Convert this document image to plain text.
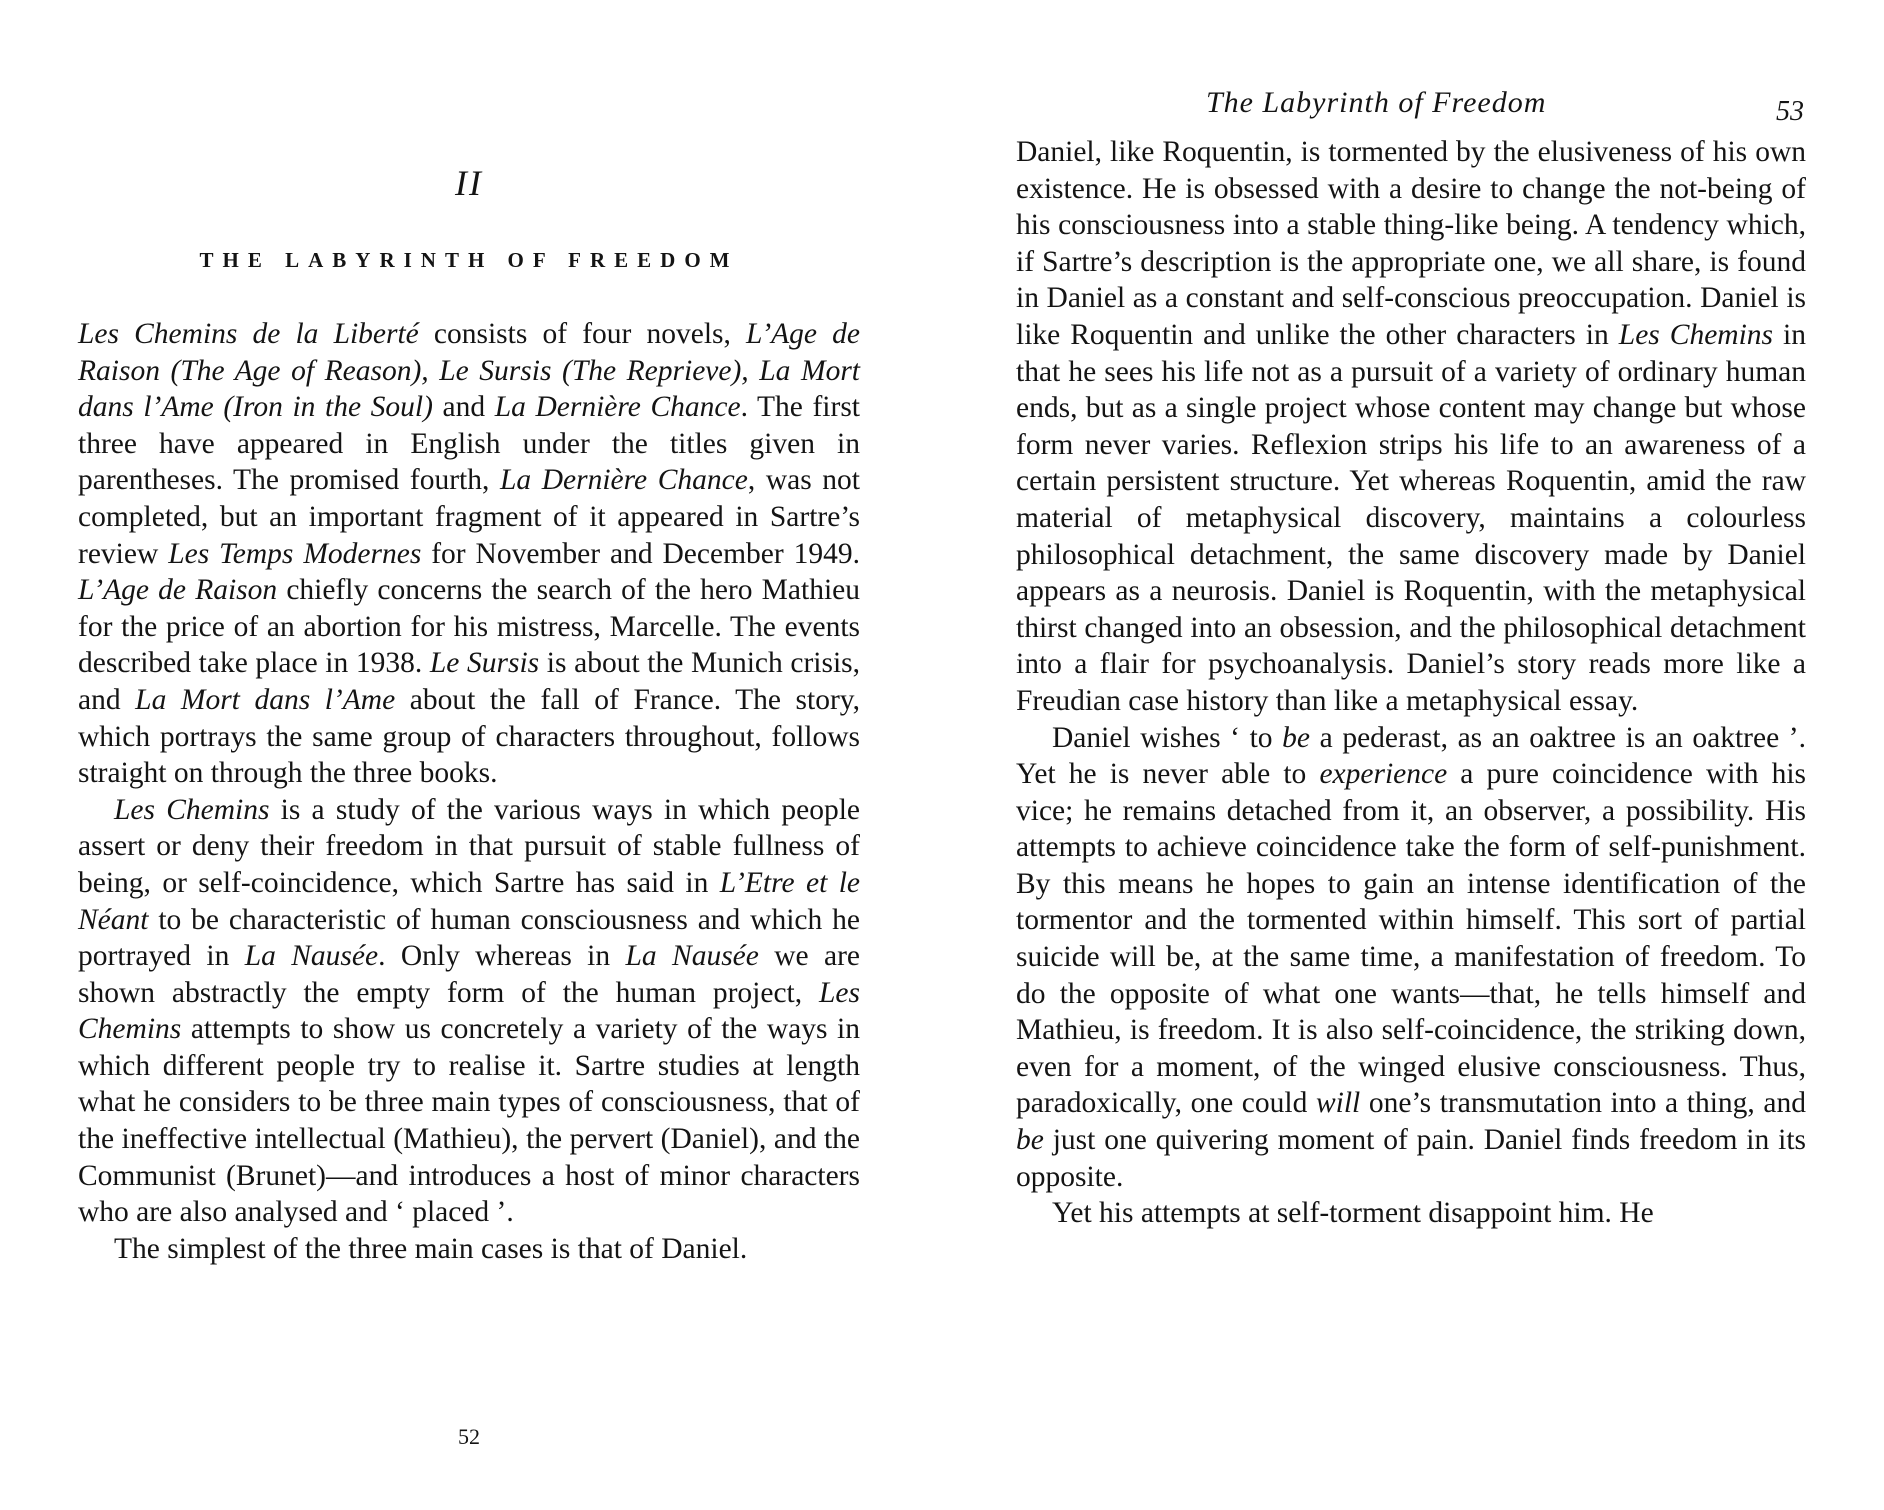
II
THE LABYRINTH OF FREEDOM

Les Chemins de la Liberté consists of four novels, L’Age de Raison (The Age of Reason), Le Sursis (The Reprieve), La Mort dans l’Ame (Iron in the Soul) and La Dernière Chance. The first three have appeared in English under the titles given in parentheses. The promised fourth, La Dernière Chance, was not completed, but an important fragment of it appeared in Sartre’s review Les Temps Modernes for November and December 1949. L’Age de Raison chiefly concerns the search of the hero Mathieu for the price of an abortion for his mistress, Marcelle. The events described take place in 1938. Le Sursis is about the Munich crisis, and La Mort dans l’Ame about the fall of France. The story, which portrays the same group of characters throughout, follows straight on through the three books.

Les Chemins is a study of the various ways in which people assert or deny their freedom in that pursuit of stable fullness of being, or self-coincidence, which Sartre has said in L’Etre et le Néant to be characteristic of human consciousness and which he portrayed in La Nausée. Only whereas in La Nausée we are shown abstractly the empty form of the human project, Les Chemins attempts to show us concretely a variety of the ways in which different people try to realise it. Sartre studies at length what he considers to be three main types of consciousness, that of the ineffective intellectual (Mathieu), the pervert (Daniel), and the Communist (Brunet)—and introduces a host of minor characters who are also analysed and ‘ placed ’.

The simplest of the three main cases is that of Daniel.

52
The Labyrinth of Freedom	53

Daniel, like Roquentin, is tormented by the elusiveness of his own existence. He is obsessed with a desire to change the not-being of his consciousness into a stable thing-like being. A tendency which, if Sartre’s description is the appropriate one, we all share, is found in Daniel as a constant and self-conscious preoccupation. Daniel is like Roquentin and unlike the other characters in Les Chemins in that he sees his life not as a pursuit of a variety of ordinary human ends, but as a single project whose content may change but whose form never varies. Reflexion strips his life to an awareness of a certain persistent structure. Yet whereas Roquentin, amid the raw material of metaphysical discovery, maintains a colourless philosophical detachment, the same discovery made by Daniel appears as a neurosis. Daniel is Roquentin, with the metaphysical thirst changed into an obsession, and the philosophical detachment into a flair for psychoanalysis. Daniel’s story reads more like a Freudian case history than like a metaphysical essay.

Daniel wishes ‘ to be a pederast, as an oaktree is an oaktree ’. Yet he is never able to experience a pure coincidence with his vice; he remains detached from it, an observer, a possibility. His attempts to achieve coincidence take the form of self-punishment. By this means he hopes to gain an intense identification of the tormentor and the tormented within himself. This sort of partial suicide will be, at the same time, a manifestation of freedom. To do the opposite of what one wants—that, he tells himself and Mathieu, is freedom. It is also self-coincidence, the striking down, even for a moment, of the winged elusive consciousness. Thus, paradoxically, one could will one’s transmutation into a thing, and be just one quivering moment of pain. Daniel finds freedom in its opposite.

Yet his attempts at self-torment disappoint him. He
